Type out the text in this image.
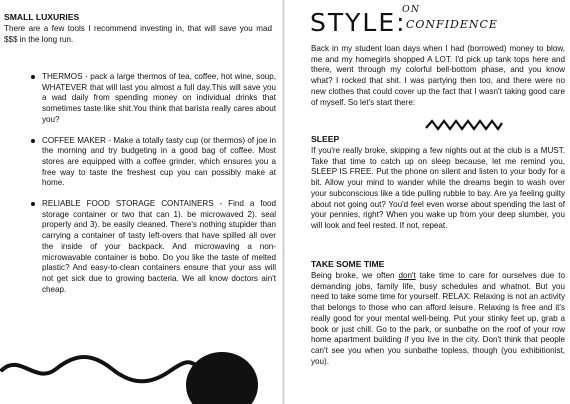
SMALL LUXURIES
There are a few tools I recommend investing in, that will save you mad $$$ in the long run.
THERMOS - pack a large thermos of tea, coffee, hot wine, soup, WHATEVER that will last you almost a full day.This will save you a wad daily from spending money on individual drinks that sometimes taste like shit.You think that barista really cares about you?
COFFEE MAKER - Make a totally tasty cup (or thermos) of joe in the morning and try budgeting in a good bag of coffee. Most stores are equipped with a coffee grinder, which ensures you a free way to taste the freshest cup you can possibly make at home.
RELIABLE FOOD STORAGE CONTAINERS - Find a food storage container or two that can 1). be microwaved 2). seal properly and 3). be easily cleaned. There's nothing stupider than carrying a container of tasty left-overs that have spilled all over the inside of your backpack. And microwaving a non-microwavable container is bobo. Do you like the taste of melted plastic? And easy-to-clean containers ensure that your ass will not get sick due to growing bacteria. We all know doctors ain't cheap.
STYLE:
ON
CONFIDENCE
Back in my student loan days when I had (borrowed) money to blow, me and my homegirls shopped A LOT. I'd pick up tank tops here and there, went through my colorful bell-bottom phase, and you know what? I rocked that shit. I was partying then too, and there were no new clothes that could cover up the fact that I wasn't taking good care of myself. So let's start there:
SLEEP
If you're really broke, skipping a few nights out at the club is a MUST. Take that time to catch up on sleep because, let me remind you, SLEEP IS FREE. Put the phone on silent and listen to your body for a bit. Allow your mind to wander while the dreams begin to wash over your subconscious like a tide pulling rubble to bay. Are ya feeling guilty about not going out? You'd feel even worse about spending the last of your pennies, right? When you wake up from your deep slumber, you will look and feel rested. If not, repeat.
TAKE SOME TIME
Being broke, we often don't take time to care for ourselves due to demanding jobs, family life, busy schedules and whatnot. But you need to take some time for yourself. RELAX. Relaxing is not an activity that belongs to those who can afford leisure. Relaxing is free and it's really good for your mental well-being. Put your stinky feet up, grab a book or just chill. Go to the park, or sunbathe on the roof of your row home apartment building if you live in the city. Don't think that people can't see you when you sunbathe topless, though (you exhibitionist, you).
